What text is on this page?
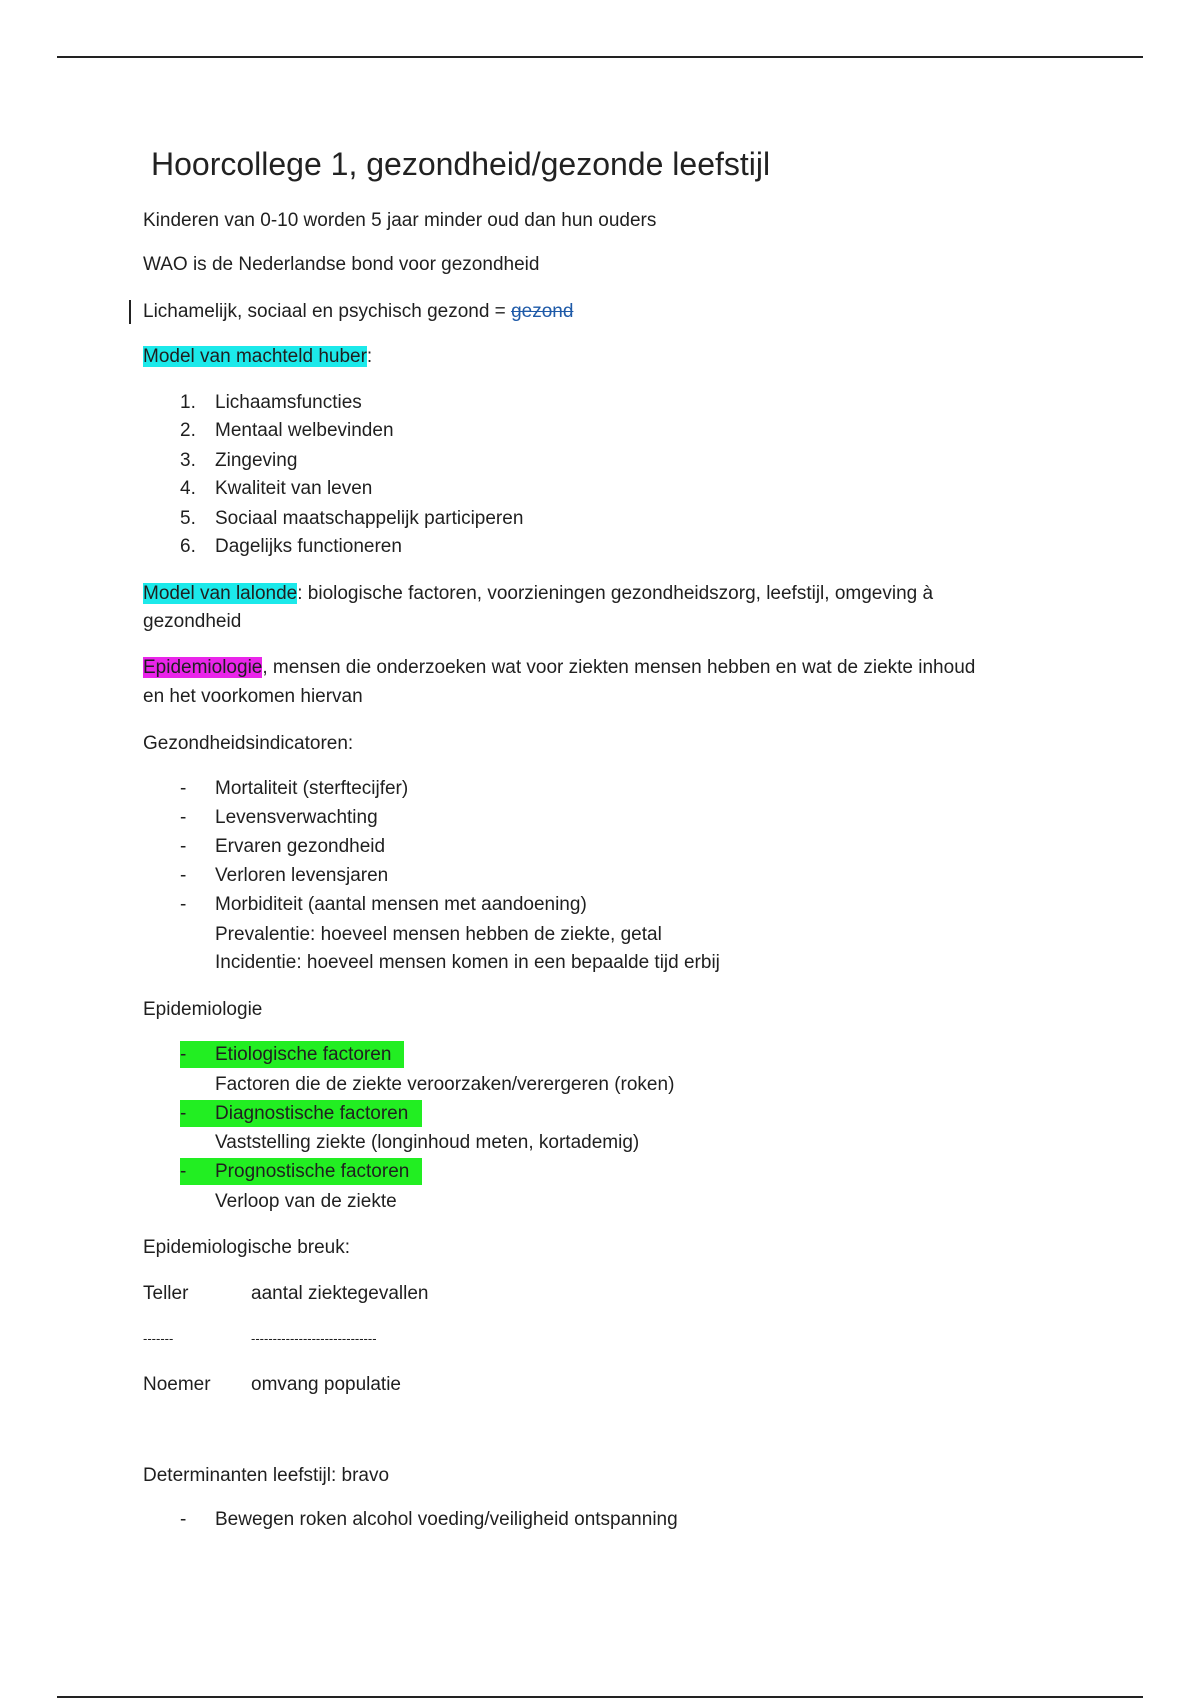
Hoorcollege 1, gezondheid/gezonde leefstijl
Kinderen van 0-10 worden 5 jaar minder oud dan hun ouders
WAO is de Nederlandse bond voor gezondheid
Lichamelijk, sociaal en psychisch gezond = gezond
Model van machteld huber:
1. Lichaamsfuncties
2. Mentaal welbevinden
3. Zingeving
4. Kwaliteit van leven
5. Sociaal maatschappelijk participeren
6. Dagelijks functioneren
Model van lalonde: biologische factoren, voorzieningen gezondheidszorg, leefstijl, omgeving à
gezondheid
Epidemiologie, mensen die onderzoeken wat voor ziekten mensen hebben en wat de ziekte inhoud
en het voorkomen hiervan
Gezondheidsindicatoren:
-	Mortaliteit (sterftecijfer)
-	Levensverwachting
-	Ervaren gezondheid
-	Verloren levensjaren
-	Morbiditeit (aantal mensen met aandoening)
Prevalentie: hoeveel mensen hebben de ziekte, getal
Incidentie: hoeveel mensen komen in een bepaalde tijd erbij
Epidemiologie
-	Etiologische factoren
Factoren die de ziekte veroorzaken/verergeren (roken)
-	Diagnostische factoren
Vaststelling ziekte (longinhoud meten, kortademig)
-	Prognostische factoren
Verloop van de ziekte
Epidemiologische breuk:
Teller	aantal ziektegevallen
-------	-----------------------------
Noemer omvang populatie
Determinanten leefstijl: bravo
-	Bewegen roken alcohol voeding/veiligheid ontspanning
